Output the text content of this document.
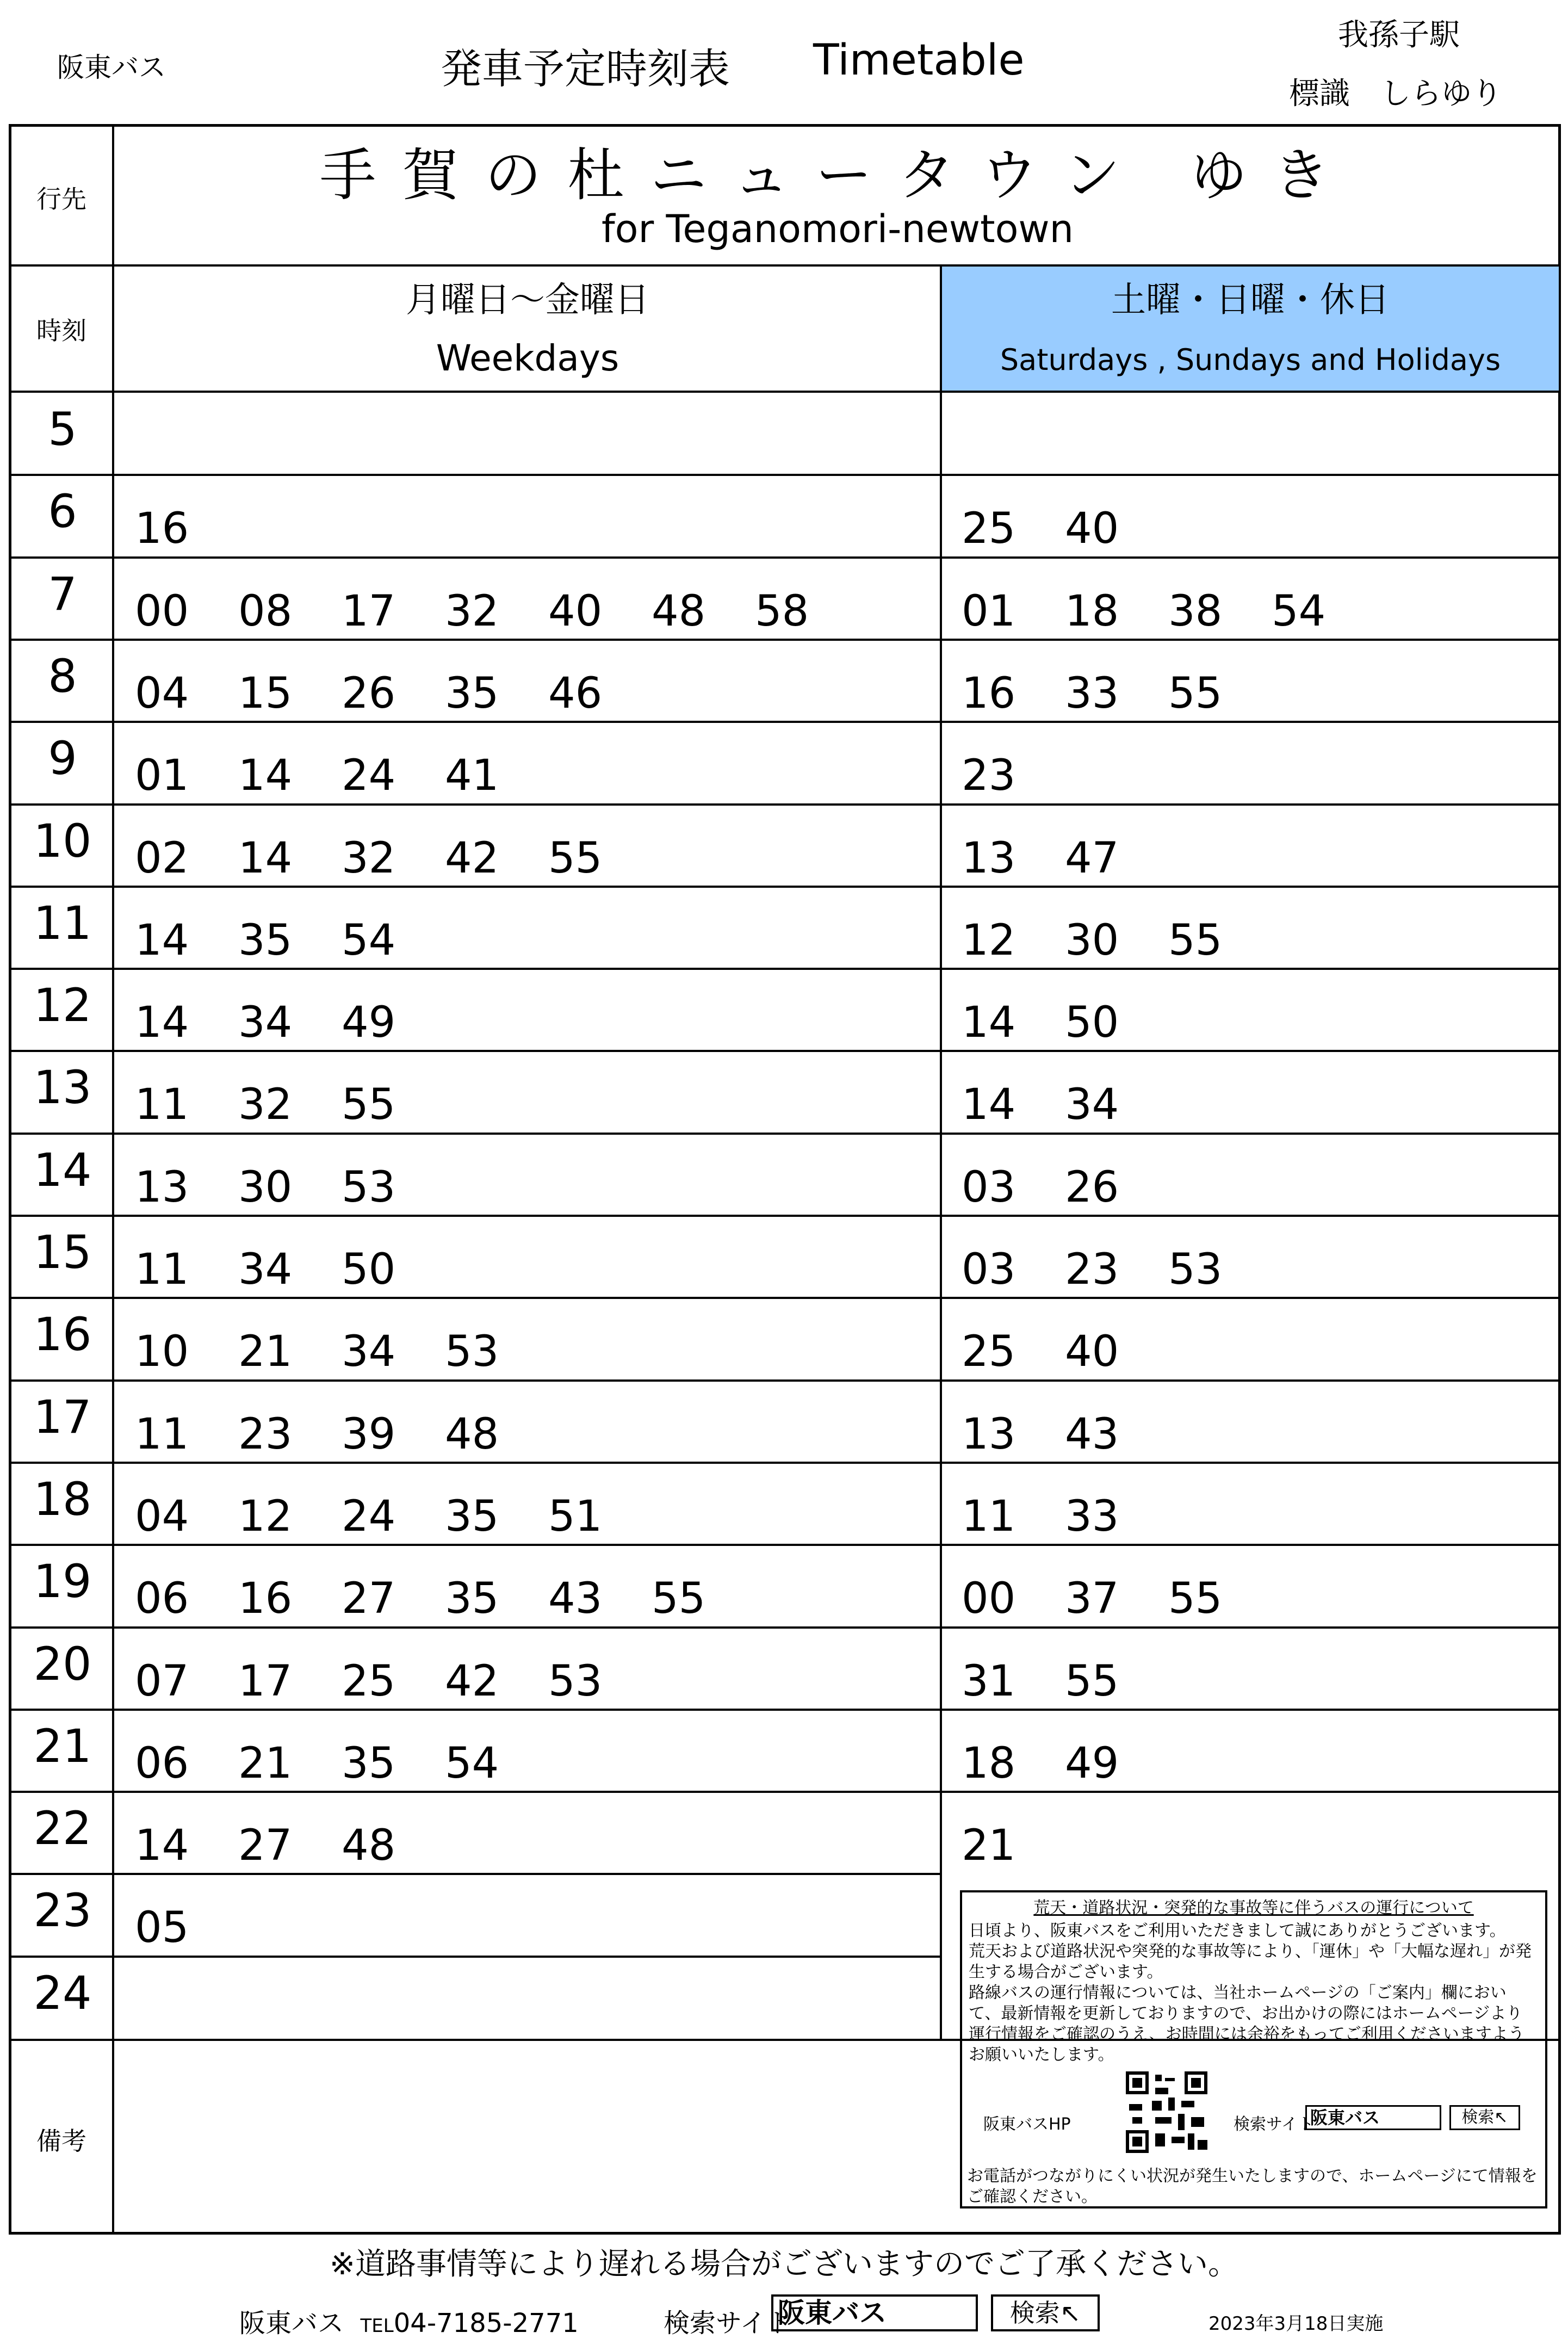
阪東バス	発車予定時刻表 Timetable
我孫子駅
標識　しらゆり
行先
時刻
備考
手賀の杜ニュータウン ゆき
for Teganomori-newtown
月曜日～金曜日
Weekdays
土曜・日曜・休日
Saturdays , Sundays and Holidays
5
6	16	25 40
7	00 08 17 32 40 48 58	01 18 38 54
8	04 15 26 35 46	16 33 55
9	01 14 24 41	23
10	02 14 32 42 55	13 47
11	14 35 54	12 30 55
12	14 34 49	14 50
13	11 32 55	14 34
14	13 30 53	03 26
15	11 34 50	03 23 53
16	10 21 34 53	25 40
17	11 23 39 48	13 43
18	04 12 24 35 51	11 33
19	06 16 27 35 43 55	00 37 55
20	07 17 25 42 53	31 55
21	06 21 35 54	18 49
22	14 27 48	21
23	05
24
荒天・道路状況・突発的な事故等に伴うバスの運行について

日頃より、阪東バスをご利用いただきまして誠にありがとうございます。

荒天および道路状況や突発的な事故等により、「運休」や「大幅な遅れ」が発生する場合がございます。

路線バスの運行情報については、当社ホームページの「ご案内」欄において、最新情報を更新しておりますので、お出かけの際にはホームページより運行情報をご確認のうえ、お時間には余裕をもってご利用くださいますようお願いいたします。

阪東バスHP	検索サイト
阪東バス	検索↖
お電話がつながりにくい状況が発生いたしますので、ホームページにて情報をご確認ください。
※道路事情等により遅れる場合がございますのでご了承ください。
阪東バス TEL04-7185-2771	検索サイト
阪東バス	検索↖	2023年3月18日実施
